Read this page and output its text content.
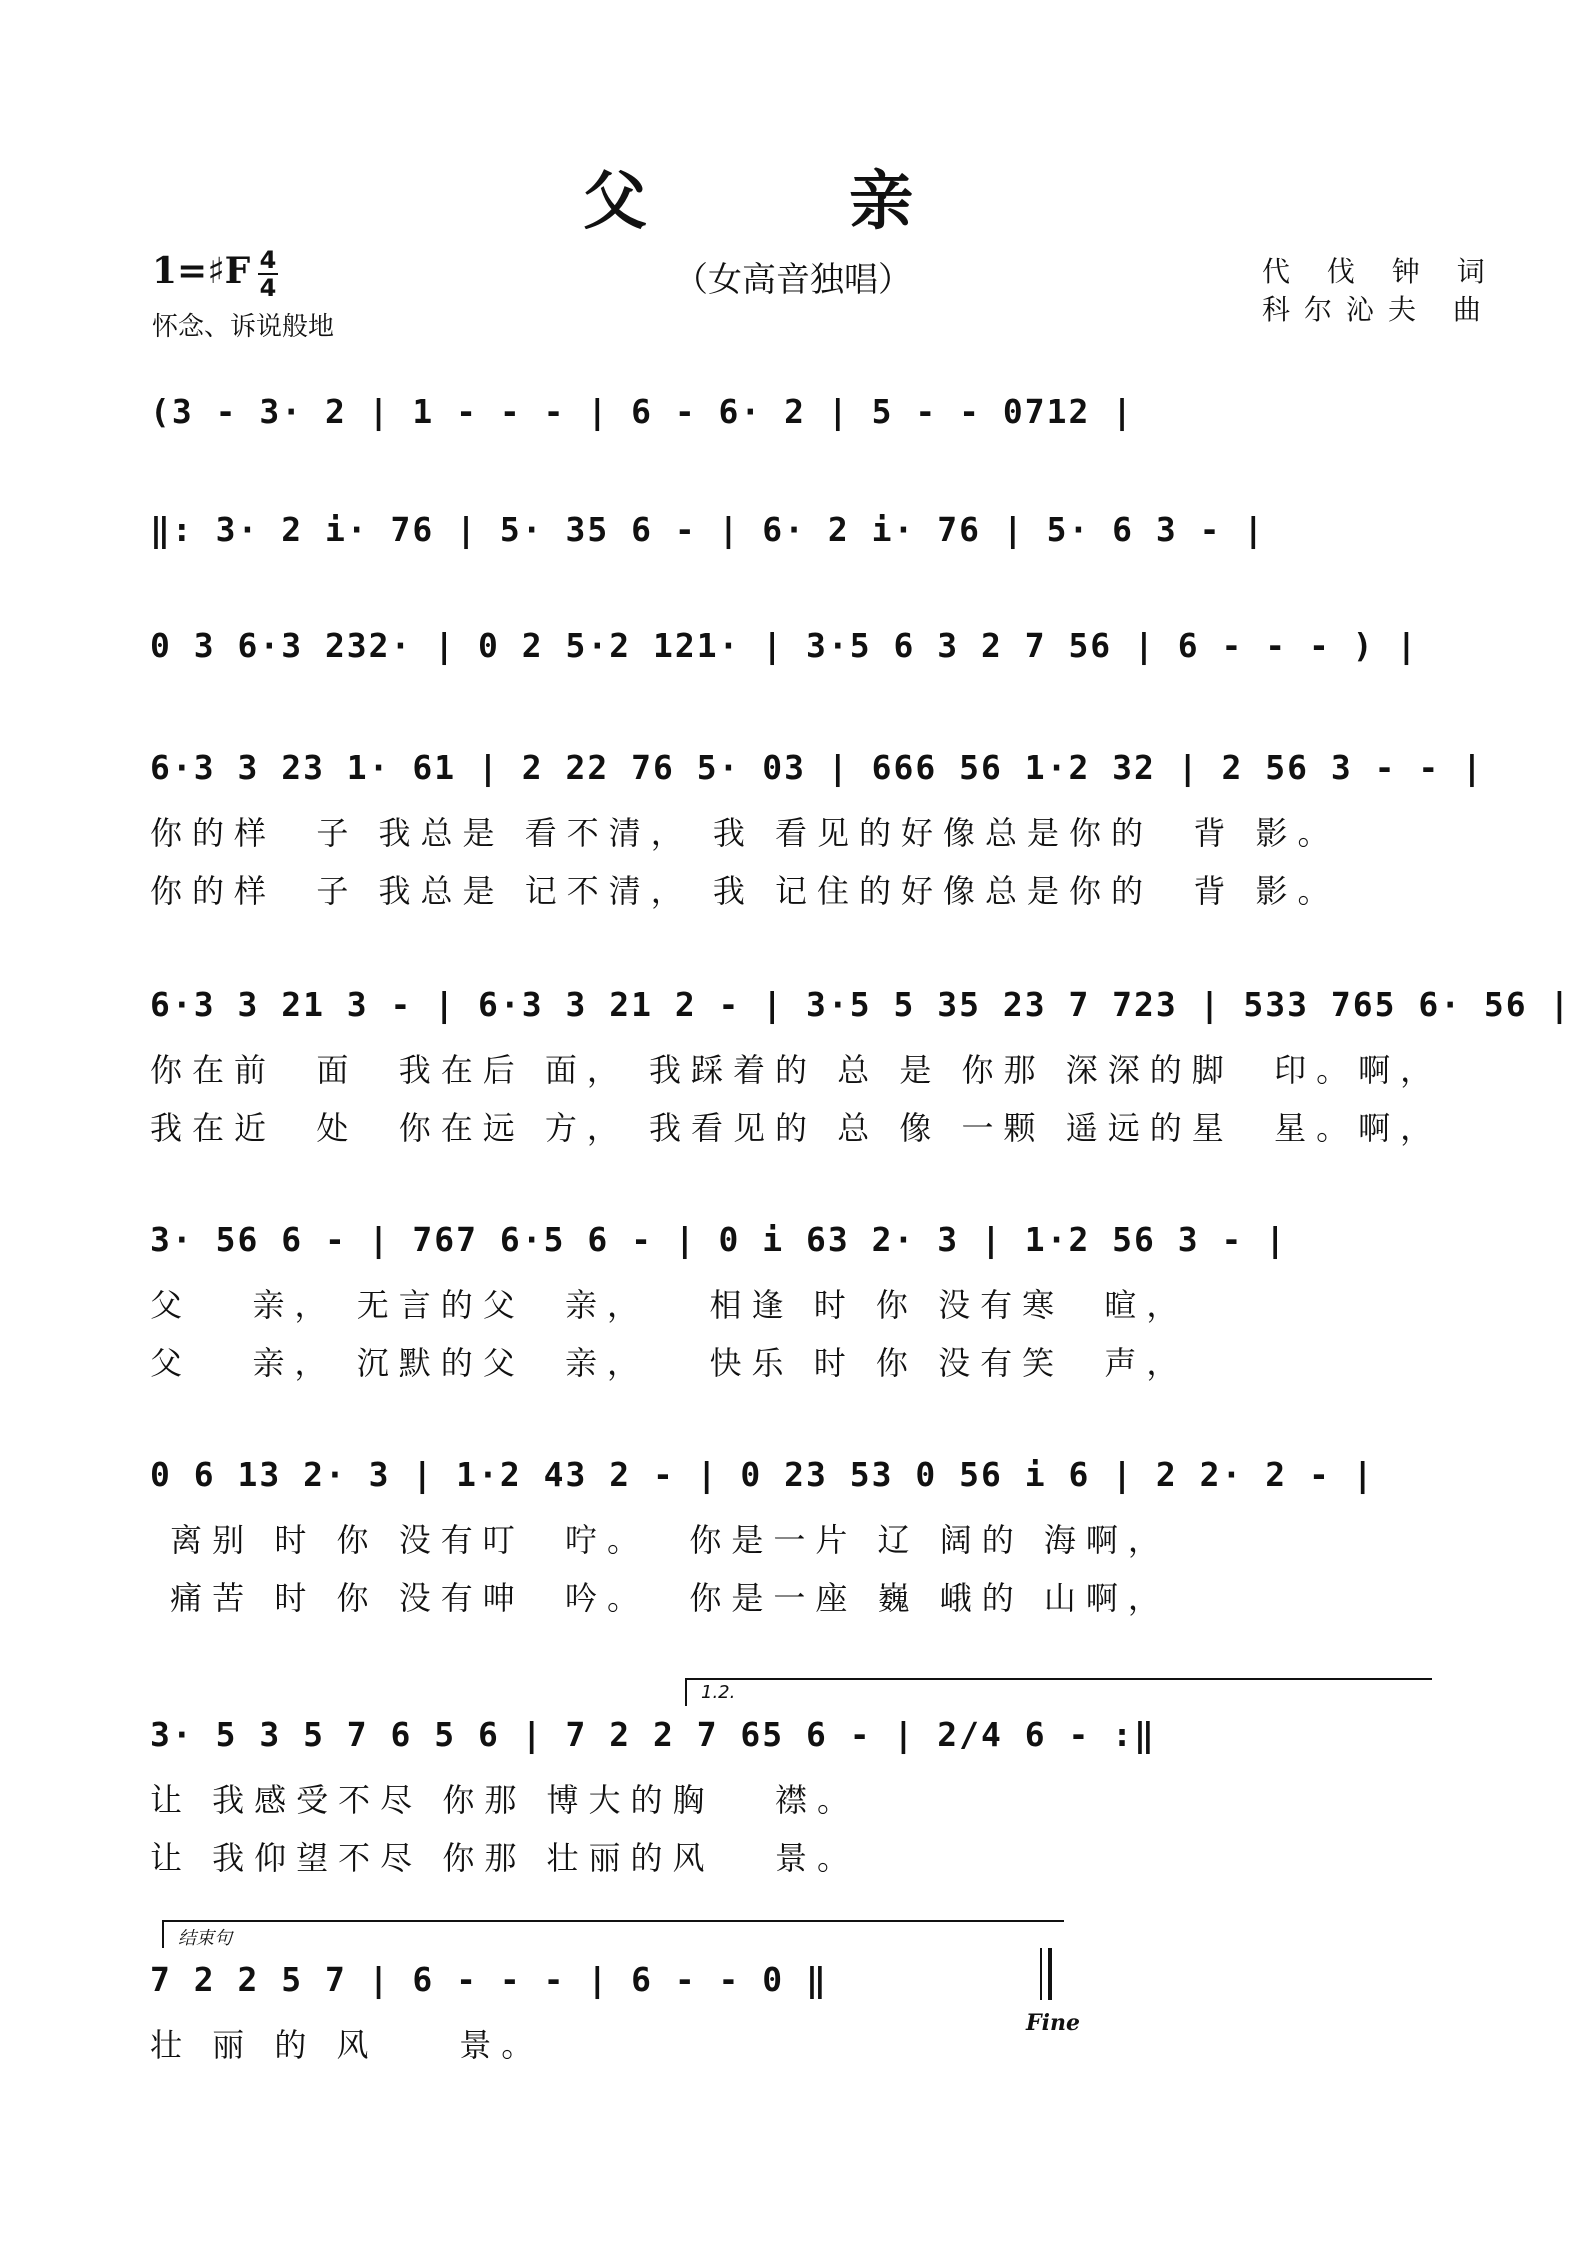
父 亲
（女高音独唱）
1=♯F 4
4
怀念、诉说般地
代 伐 钟 词
科尔沁夫 曲
(3 - 3· 2 | 1 - - - | 6 - 6· 2 | 5 - - 0712 |
‖: 3· 2 i· 76 | 5· 35 6 - | 6· 2 i· 76 | 5· 6 3 - |
0 3 6·3 232· | 0 2 5·2 121· | 3·5 6 3 2 7 56 | 6 - - - ) |
6·3 3 23 1· 61 | 2 22 76 5· 03 | 666 56 1·2 32 | 2 56 3 - - |
你的样  子 我总是 看不清， 我 看见的好像总是你的  背 影。
你的样  子 我总是 记不清， 我 记住的好像总是你的  背 影。
6·3 3 21 3 - | 6·3 3 21 2 - | 3·5 5 35 23 7 723 | 533 765 6· 56 |
你在前  面  我在后 面， 我踩着的 总 是 你那 深深的脚  印。啊，
我在近  处  你在远 方， 我看见的 总 像 一颗 遥远的星  星。啊，
3· 56 6 - | 767 6·5 6 - | 0 i 63 2· 3 | 1·2 56 3 - |
父   亲， 无言的父  亲，   相逢 时 你 没有寒  暄，
父   亲， 沉默的父  亲，   快乐 时 你 没有笑  声，
0 6 13 2· 3 | 1·2 43 2 - | 0 23 53 0 56 i 6 | 2 2· 2 - |
离别 时 你 没有叮  咛。  你是一片 辽 阔的 海啊，
痛苦 时 你 没有呻  吟。  你是一座 巍 峨的 山啊，
3· 5 3 5 7 6 5 6 | 7 2 2 7 65 6 - | 2/4 6 - :‖
让 我感受不尽 你那 博大的胸   襟。
让 我仰望不尽 你那 壮丽的风   景。
7 2 2 5 7 | 6 - - - | 6 - - 0 ‖
壮 丽 的 风    景。
1.2.
结束句
Fine
